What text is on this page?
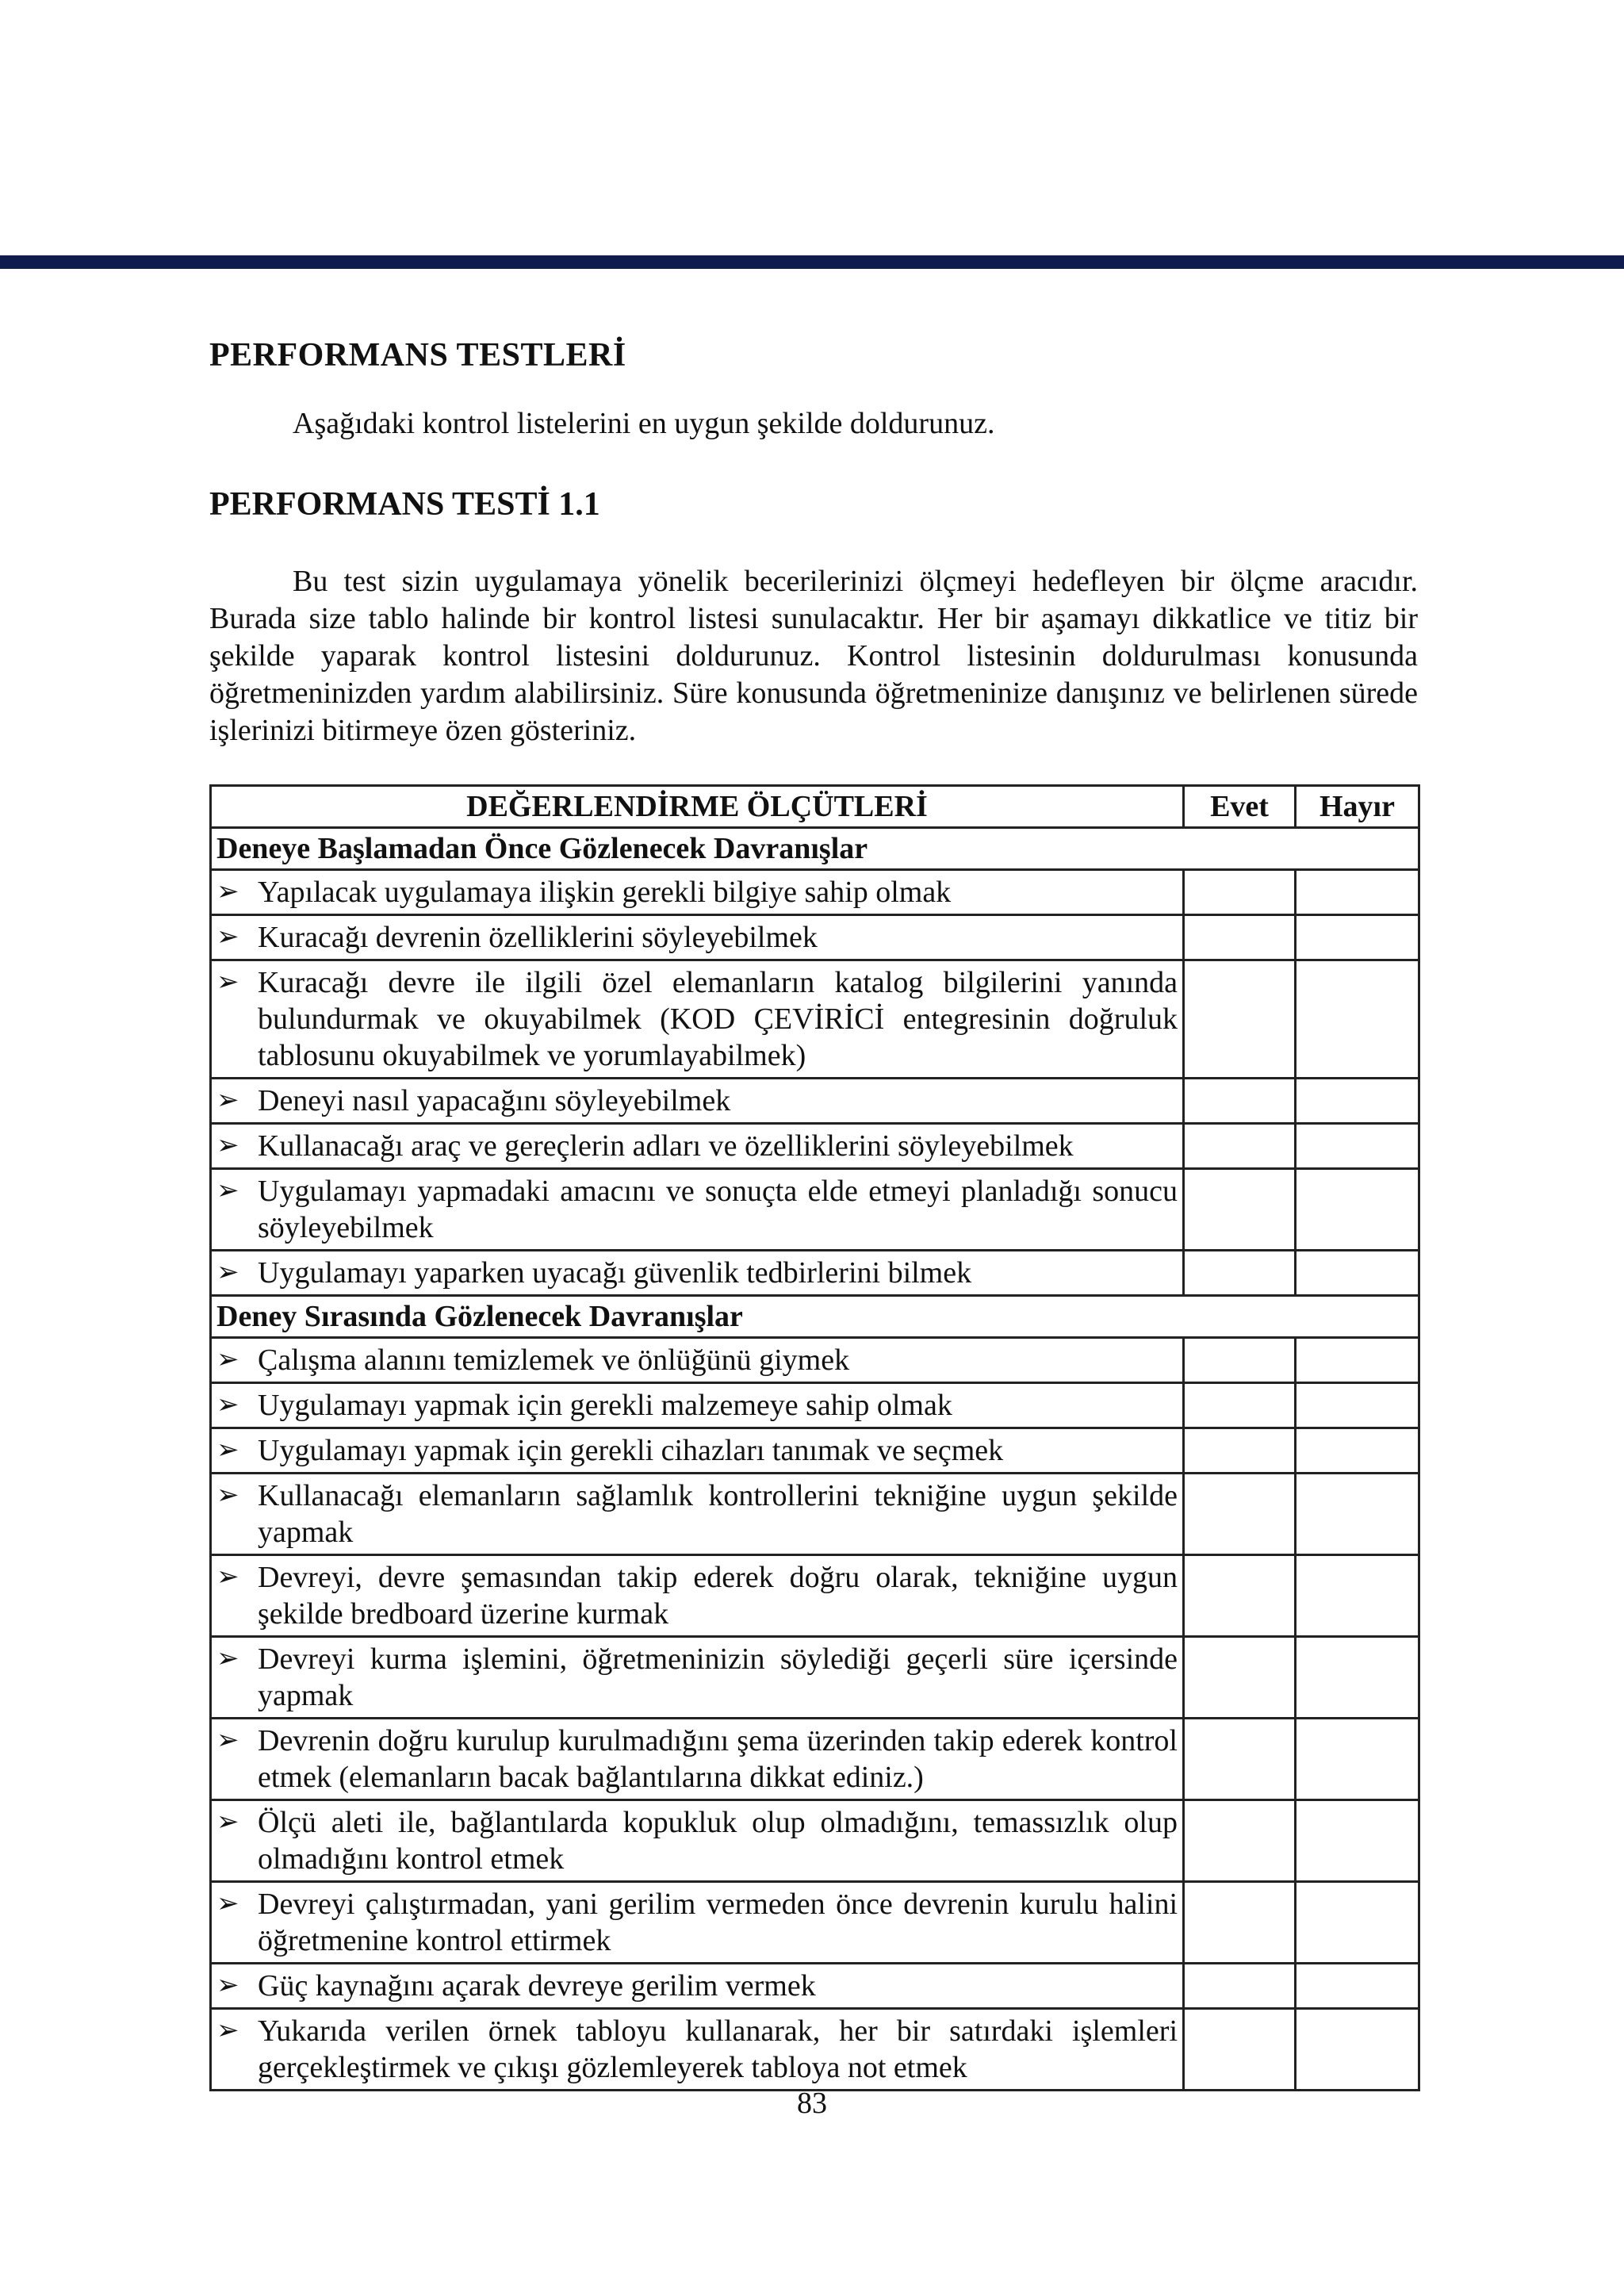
PERFORMANS TESTLERİ

Aşağıdaki kontrol listelerini en uygun şekilde doldurunuz.

PERFORMANS TESTİ 1.1

Bu test sizin uygulamaya yönelik becerilerinizi ölçmeyi hedefleyen bir ölçme aracıdır. Burada size tablo halinde bir kontrol listesi sunulacaktır. Her bir aşamayı dikkatlice ve titiz bir şekilde yaparak kontrol listesini doldurunuz. Kontrol listesinin doldurulması konusunda öğretmeninizden yardım alabilirsiniz. Süre konusunda öğretmeninize danışınız ve belirlenen sürede işlerinizi bitirmeye özen gösteriniz.

DEĞERLENDİRME ÖLÇÜTLERİ	Evet	Hayır
Deneye Başlamadan Önce Gözlenecek Davranışlar		

➢ Yapılacak uygulamaya ilişkin gerekli bilgiye sahip olmak		

➢ Kuracağı devrenin özelliklerini söyleyebilmek		

➢ Kuracağı devre ile ilgili özel elemanların katalog bilgilerini yanında bulundurmak ve okuyabilmek (KOD ÇEVİRİCİ entegresinin doğruluk tablosunu okuyabilmek ve yorumlayabilmek)		

➢ Deneyi nasıl yapacağını söyleyebilmek		

➢ Kullanacağı araç ve gereçlerin adları ve özelliklerini söyleyebilmek		

➢ Uygulamayı yapmadaki amacını ve sonuçta elde etmeyi planladığı sonucu söyleyebilmek		

➢ Uygulamayı yaparken uyacağı güvenlik tedbirlerini bilmek		

Deney Sırasında Gözlenecek Davranışlar		

➢ Çalışma alanını temizlemek ve önlüğünü giymek		

➢ Uygulamayı yapmak için gerekli malzemeye sahip olmak		

➢ Uygulamayı yapmak için gerekli cihazları tanımak ve seçmek		

➢ Kullanacağı elemanların sağlamlık kontrollerini tekniğine uygun şekilde yapmak		

➢ Devreyi, devre şemasından takip ederek doğru olarak, tekniğine uygun şekilde bredboard üzerine kurmak		

➢ Devreyi kurma işlemini, öğretmeninizin söylediği geçerli süre içersinde yapmak		

➢ Devrenin doğru kurulup kurulmadığını şema üzerinden takip ederek kontrol etmek (elemanların bacak bağlantılarına dikkat ediniz.)		

➢ Ölçü aleti ile, bağlantılarda kopukluk olup olmadığını, temassızlık olup olmadığını kontrol etmek		

➢ Devreyi çalıştırmadan, yani gerilim vermeden önce devrenin kurulu halini öğretmenine kontrol ettirmek		

➢ Güç kaynağını açarak devreye gerilim vermek		

➢ Yukarıda verilen örnek tabloyu kullanarak, her bir satırdaki işlemleri gerçekleştirmek ve çıkışı gözlemleyerek tabloya not etmek		

83
